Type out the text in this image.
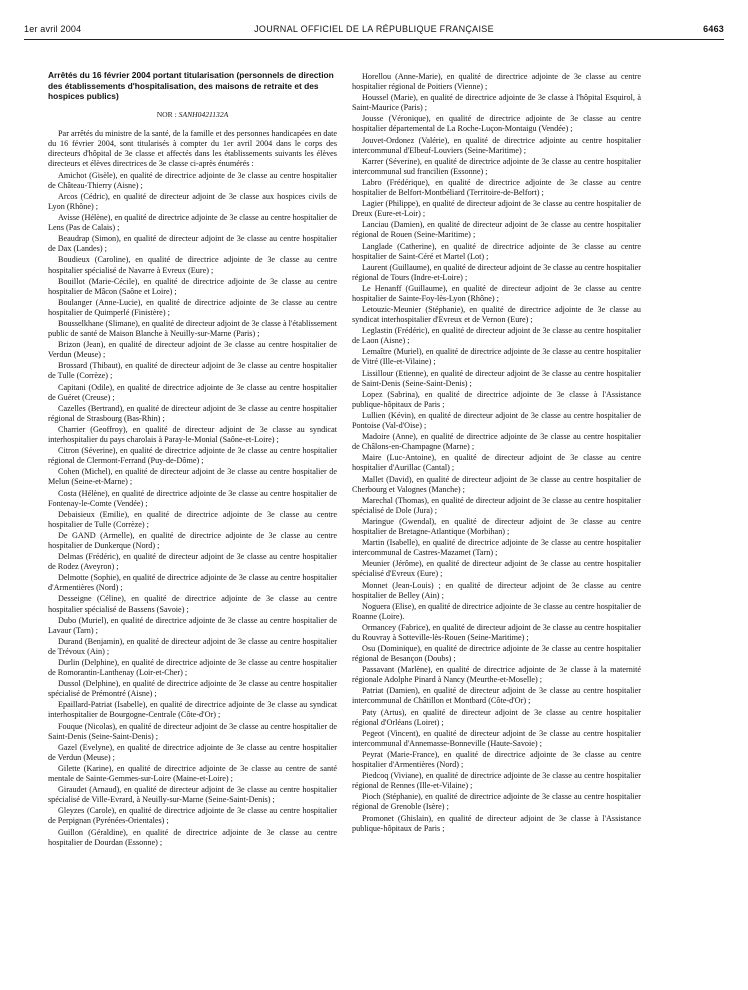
1er avril 2004	JOURNAL OFFICIEL DE LA RÉPUBLIQUE FRANÇAISE	6463
Arrêtés du 16 février 2004 portant titularisation (personnels de direction des établissements d'hospitalisation, des maisons de retraite et des hospices publics)
NOR : SANH0421132A

Par arrêtés du ministre de la santé, de la famille et des personnes handicapées en date du 16 février 2004, sont titularisés à compter du 1er avril 2004 dans le corps des directeurs d'hôpital de 3e classe et affectés dans les établissements suivants les élèves directeurs et élèves directrices de 3e classe ci-après énumérés :

Amichot (Gisèle), en qualité de directrice adjointe de 3e classe au centre hospitalier de Château-Thierry (Aisne) ;

Arcos (Cédric), en qualité de directeur adjoint de 3e classe aux hospices civils de Lyon (Rhône) ;

Avisse (Hélène), en qualité de directrice adjointe de 3e classe au centre hospitalier de Lens (Pas de Calais) ;

Beaudrap (Simon), en qualité de directeur adjoint de 3e classe au centre hospitalier de Dax (Landes) ;

Boudieux (Caroline), en qualité de directrice adjointe de 3e classe au centre hospitalier spécialisé de Navarre à Evreux (Eure) ;

Bouillot (Marie-Cécile), en qualité de directrice adjointe de 3e classe au centre hospitalier de Mâcon (Saône et Loire) ;

Boulanger (Anne-Lucie), en qualité de directrice adjointe de 3e classe au centre hospitalier de Quimperlé (Finistère) ;

Bousselkhane (Slimane), en qualité de directeur adjoint de 3e classe à l'établissement public de santé de Maison Blanche à Neuilly-sur-Marne (Paris) ;

Brizon (Jean), en qualité de directeur adjoint de 3e classe au centre hospitalier de Verdun (Meuse) ;

Brossard (Thibaut), en qualité de directeur adjoint de 3e classe au centre hospitalier de Tulle (Corrèze) ;

Capitani (Odile), en qualité de directrice adjointe de 3e classe au centre hospitalier de Guéret (Creuse) ;

Cazelles (Bertrand), en qualité de directeur adjoint de 3e classe au centre hospitalier régional de Strasbourg (Bas-Rhin) ;

Charrier (Geoffroy), en qualité de directeur adjoint de 3e classe au syndicat interhospitalier du pays charolais à Paray-le-Monial (Saône-et-Loire) ;

Citron (Séverine), en qualité de directrice adjointe de 3e classe au centre hospitalier régional de Clermont-Ferrand (Puy-de-Dôme) ;

Cohen (Michel), en qualité de directeur adjoint de 3e classe au centre hospitalier de Melun (Seine-et-Marne) ;

Costa (Hélène), en qualité de directrice adjointe de 3e classe au centre hospitalier de Fontenay-le-Comte (Vendée) ;

Debaisieux (Emilie), en qualité de directrice adjointe de 3e classe au centre hospitalier de Tulle (Corrèze) ;

De GAND (Armelle), en qualité de directrice adjointe de 3e classe au centre hospitalier de Dunkerque (Nord) ;

Delmas (Frédéric), en qualité de directeur adjoint de 3e classe au centre hospitalier de Rodez (Aveyron) ;

Delmotte (Sophie), en qualité de directrice adjointe de 3e classe au centre hospitalier d'Armentières (Nord) ;

Desseigne (Céline), en qualité de directrice adjointe de 3e classe au centre hospitalier spécialisé de Bassens (Savoie) ;

Dubo (Muriel), en qualité de directrice adjointe de 3e classe au centre hospitalier de Lavaur (Tarn) ;

Durand (Benjamin), en qualité de directeur adjoint de 3e classe au centre hospitalier de Trévoux (Ain) ;

Durlin (Delphine), en qualité de directrice adjointe de 3e classe au centre hospitalier de Romorantin-Lanthenay (Loir-et-Cher) ;

Dussol (Delphine), en qualité de directrice adjointe de 3e classe au centre hospitalier spécialisé de Prémontré (Aisne) ;

Epaillard-Patriat (Isabelle), en qualité de directrice adjointe de 3e classe au syndicat interhospitalier de Bourgogne-Centrale (Côte-d'Or) ;

Fouque (Nicolas), en qualité de directeur adjoint de 3e classe au centre hospitalier de Saint-Denis (Seine-Saint-Denis) ;

Gazel (Evelyne), en qualité de directrice adjointe de 3e classe au centre hospitalier de Verdun (Meuse) ;

Gilette (Karine), en qualité de directrice adjointe de 3e classe au centre de santé mentale de Sainte-Gemmes-sur-Loire (Maine-et-Loire) ;

Giraudet (Arnaud), en qualité de directeur adjoint de 3e classe au centre hospitalier spécialisé de Ville-Evrard, à Neuilly-sur-Marne (Seine-Saint-Denis) ;

Gleyzes (Carole), en qualité de directrice adjointe de 3e classe au centre hospitalier de Perpignan (Pyrénées-Orientales) ;

Guillon (Géraldine), en qualité de directrice adjointe de 3e classe au centre hospitalier de Dourdan (Essonne) ;

Horellou (Anne-Marie), en qualité de directrice adjointe de 3e classe au centre hospitalier régional de Poitiers (Vienne) ;

Houssel (Marie), en qualité de directrice adjointe de 3e classe à l'hôpital Esquirol, à Saint-Maurice (Paris) ;

Jousse (Véronique), en qualité de directrice adjointe de 3e classe au centre hospitalier départemental de La Roche-Luçon-Montaigu (Vendée) ;

Jouvet-Ordonez (Valérie), en qualité de directrice adjointe au centre hospitalier intercommunal d'Elbeuf-Louviers (Seine-Maritime) ;

Karrer (Séverine), en qualité de directrice adjointe de 3e classe au centre hospitalier intercommunal sud francilien (Essonne) ;

Labro (Frédérique), en qualité de directrice adjointe de 3e classe au centre hospitalier de Belfort-Montbéliard (Territoire-de-Belfort) ;

Lagier (Philippe), en qualité de directeur adjoint de 3e classe au centre hospitalier de Dreux (Eure-et-Loir) ;

Lanciau (Damien), en qualité de directeur adjoint de 3e classe au centre hospitalier régional de Rouen (Seine-Maritime) ;

Langlade (Catherine), en qualité de directrice adjointe de 3e classe au centre hospitalier de Saint-Céré et Martel (Lot) ;

Laurent (Guillaume), en qualité de directeur adjoint de 3e classe au centre hospitalier régional de Tours (Indre-et-Loire) ;

Le Henanff (Guillaume), en qualité de directeur adjoint de 3e classe au centre hospitalier de Sainte-Foy-lès-Lyon (Rhône) ;

Letouzic-Meunier (Stéphanie), en qualité de directrice adjointe de 3e classe au syndicat interhospitalier d'Evreux et de Vernon (Eure) ;

Leglastin (Frédéric), en qualité de directeur adjoint de 3e classe au centre hospitalier de Laon (Aisne) ;

Lemaître (Muriel), en qualité de directrice adjointe de 3e classe au centre hospitalier de Vitré (Ille-et-Vilaine) ;

Lissillour (Etienne), en qualité de directeur adjoint de 3e classe au centre hospitalier de Saint-Denis (Seine-Saint-Denis) ;

Lopez (Sabrina), en qualité de directrice adjointe de 3e classe à l'Assistance publique-hôpitaux de Paris ;

Lullien (Kévin), en qualité de directeur adjoint de 3e classe au centre hospitalier de Pontoise (Val-d'Oise) ;

Madoire (Anne), en qualité de directrice adjointe de 3e classe au centre hospitalier de Châlons-en-Champagne (Marne) ;

Maire (Luc-Antoine), en qualité de directeur adjoint de 3e classe au centre hospitalier d'Aurillac (Cantal) ;

Mallet (David), en qualité de directeur adjoint de 3e classe au centre hospitalier de Cherbourg et Valognes (Manche) ;

Marechal (Thomas), en qualité de directeur adjoint de 3e classe au centre hospitalier spécialisé de Dole (Jura) ;

Maringue (Gwendal), en qualité de directeur adjoint de 3e classe au centre hospitalier de Bretagne-Atlantique (Morbihan) ;

Martin (Isabelle), en qualité de directrice adjointe de 3e classe au centre hospitalier intercommunal de Castres-Mazamet (Tarn) ;

Meunier (Jérôme), en qualité de directeur adjoint de 3e classe au centre hospitalier spécialisé d'Evreux (Eure) ;

Monnet (Jean-Louis) ; en qualité de directeur adjoint de 3e classe au centre hospitalier de Belley (Ain) ;

Noguera (Elise), en qualité de directrice adjointe de 3e classe au centre hospitalier de Roanne (Loire).

Ormancey (Fabrice), en qualité de directeur adjoint de 3e classe au centre hospitalier du Rouvray à Sotteville-lès-Rouen (Seine-Maritime) ;

Osu (Dominique), en qualité de directrice adjointe de 3e classe au centre hospitalier régional de Besançon (Doubs) ;

Passavant (Marlène), en qualité de directrice adjointe de 3e classe à la maternité régionale Adolphe Pinard à Nancy (Meurthe-et-Moselle) ;

Patriat (Damien), en qualité de directeur adjoint de 3e classe au centre hospitalier intercommunal de Châtillon et Montbard (Côte-d'Or) ;

Paty (Artus), en qualité de directeur adjoint de 3e classe au centre hospitalier régional d'Orléans (Loiret) ;

Pegeot (Vincent), en qualité de directeur adjoint de 3e classe au centre hospitalier intercommunal d'Annemasse-Bonneville (Haute-Savoie) ;

Peyrat (Marie-France), en qualité de directrice adjointe de 3e classe au centre hospitalier d'Armentières (Nord) ;

Piedcoq (Viviane), en qualité de directrice adjointe de 3e classe au centre hospitalier régional de Rennes (Ille-et-Vilaine) ;

Pioch (Stéphanie), en qualité de directrice adjointe de 3e classe au centre hospitalier régional de Grenoble (Isère) ;

Promonet (Ghislain), en qualité de directeur adjoint de 3e classe à l'Assistance publique-hôpitaux de Paris ;
